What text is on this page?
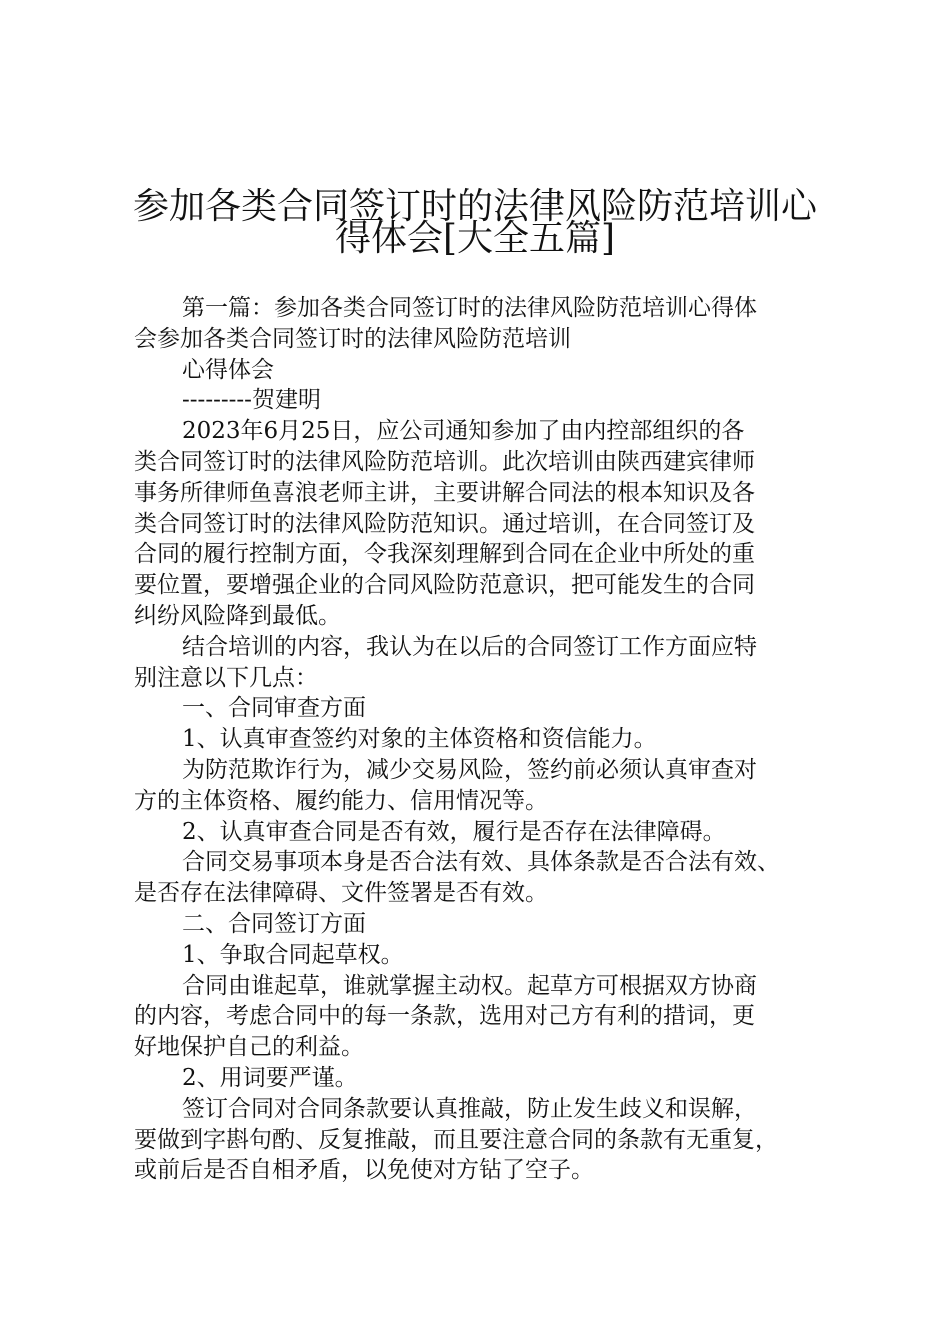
参加各类合同签订时的法律风险防范培训心
得体会[大全五篇]

第一篇：参加各类合同签订时的法律风险防范培训心得体

会参加各类合同签订时的法律风险防范培训

心得体会

---------贺建明

2023年6月25日，应公司通知参加了由内控部组织的各

类合同签订时的法律风险防范培训。此次培训由陕西建宾律师

事务所律师鱼喜浪老师主讲，主要讲解合同法的根本知识及各

类合同签订时的法律风险防范知识。通过培训，在合同签订及

合同的履行控制方面，令我深刻理解到合同在企业中所处的重

要位置，要增强企业的合同风险防范意识，把可能发生的合同

纠纷风险降到最低。

结合培训的内容，我认为在以后的合同签订工作方面应特

别注意以下几点：

一、合同审查方面

1、认真审查签约对象的主体资格和资信能力。

为防范欺诈行为，减少交易风险，签约前必须认真审查对

方的主体资格、履约能力、信用情况等。

2、认真审查合同是否有效，履行是否存在法律障碍。

合同交易事项本身是否合法有效、具体条款是否合法有效、

是否存在法律障碍、文件签署是否有效。

二、合同签订方面

1、争取合同起草权。

合同由谁起草，谁就掌握主动权。起草方可根据双方协商

的内容，考虑合同中的每一条款，选用对己方有利的措词，更

好地保护自己的利益。

2、用词要严谨。

签订合同对合同条款要认真推敲，防止发生歧义和误解，

要做到字斟句酌、反复推敲，而且要注意合同的条款有无重复，

或前后是否自相矛盾，以免使对方钻了空子。
